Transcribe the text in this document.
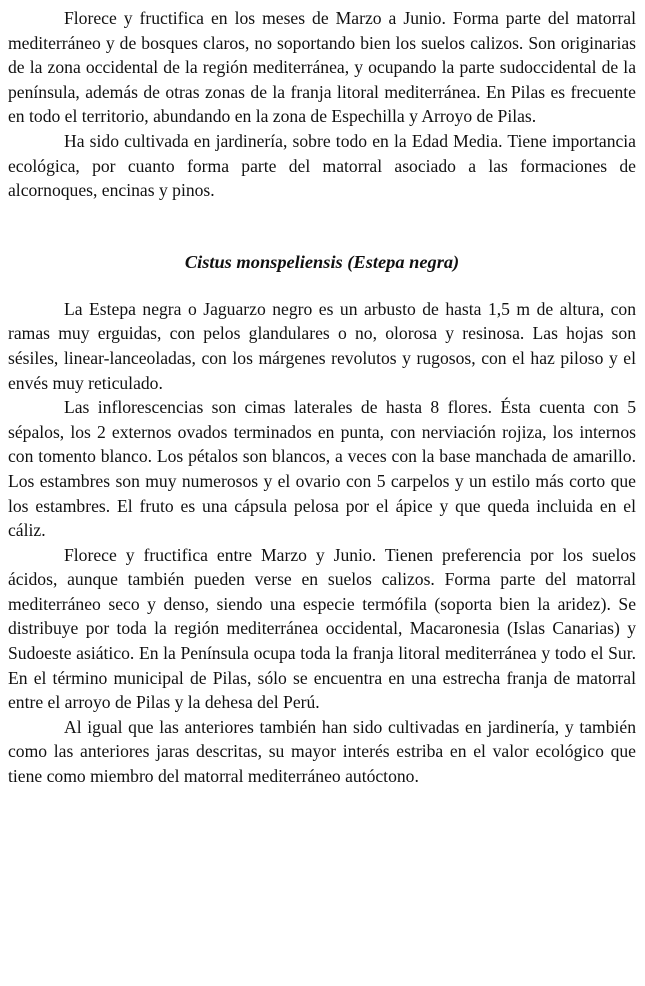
Florece y fructifica en los meses de Marzo a Junio. Forma parte del matorral mediterráneo y de bosques claros, no soportando bien los suelos calizos. Son originarias de la zona occidental de la región mediterránea, y ocupando la parte sudoccidental de la península, además de otras zonas de la franja litoral mediterránea. En Pilas es frecuente en todo el territorio, abundando en la zona de Espechilla y Arroyo de Pilas.

Ha sido cultivada en jardinería, sobre todo en la Edad Media. Tiene importancia ecológica, por cuanto forma parte del matorral asociado a las formaciones de alcornoques, encinas y pinos.

Cistus monspeliensis (Estepa negra)

La Estepa negra o Jaguarzo negro es un arbusto de hasta 1,5 m de altura, con ramas muy erguidas, con pelos glandulares o no, olorosa y resinosa. Las hojas son sésiles, linear-lanceoladas, con los márgenes revolutos y rugosos, con el haz piloso y el envés muy reticulado.

Las inflorescencias son cimas laterales de hasta 8 flores. Ésta cuenta con 5 sépalos, los 2 externos ovados terminados en punta, con nerviación rojiza, los internos con tomento blanco. Los pétalos son blancos, a veces con la base manchada de amarillo. Los estambres son muy numerosos y el ovario con 5 carpelos y un estilo más corto que los estambres. El fruto es una cápsula pelosa por el ápice y que queda incluida en el cáliz.

Florece y fructifica entre Marzo y Junio. Tienen preferencia por los suelos ácidos, aunque también pueden verse en suelos calizos. Forma parte del matorral mediterráneo seco y denso, siendo una especie termófila (soporta bien la aridez). Se distribuye por toda la región mediterránea occidental, Macaronesia (Islas Canarias) y Sudoeste asiático. En la Península ocupa toda la franja litoral mediterránea y todo el Sur. En el término municipal de Pilas, sólo se encuentra en una estrecha franja de matorral entre el arroyo de Pilas y la dehesa del Perú.

Al igual que las anteriores también han sido cultivadas en jardinería, y también como las anteriores jaras descritas, su mayor interés estriba en el valor ecológico que tiene como miembro del matorral mediterráneo autóctono.
